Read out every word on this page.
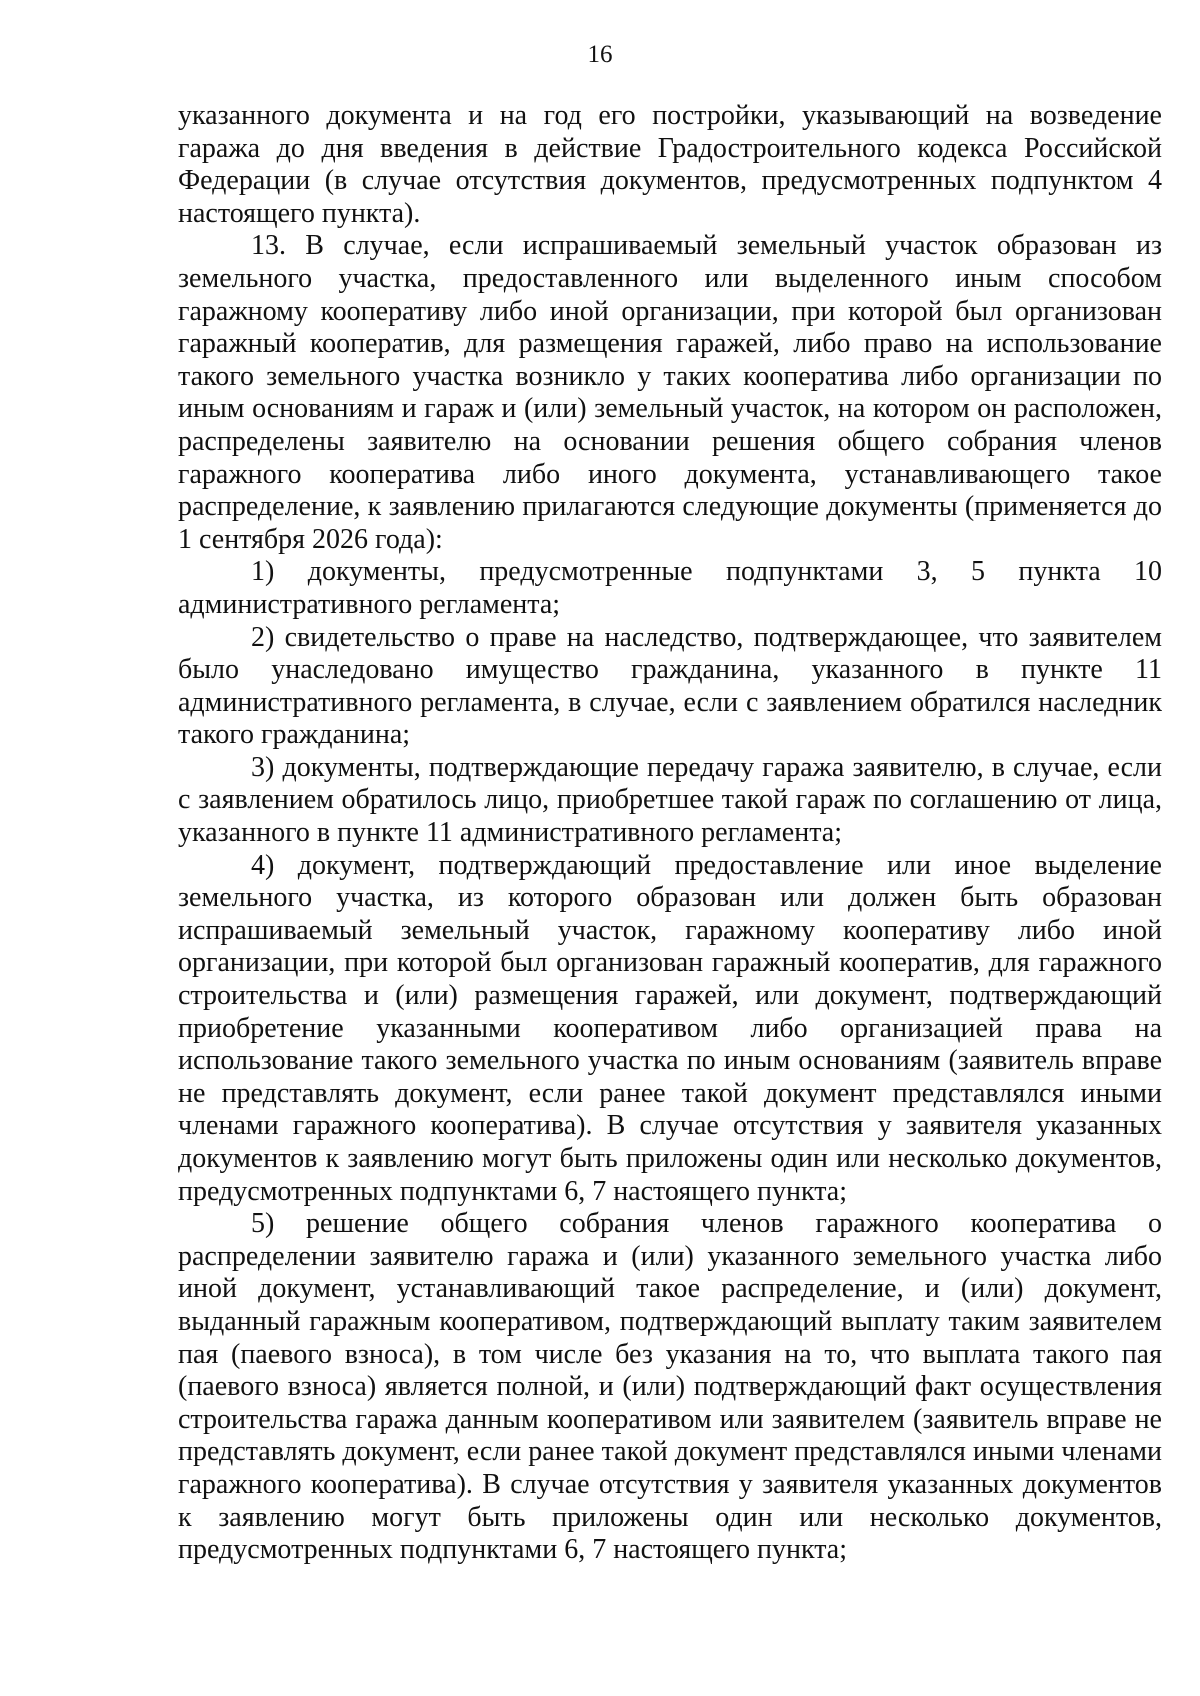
16

указанного документа и на год его постройки, указывающий на возведение гаража до дня введения в действие Градостроительного кодекса Российской Федерации (в случае отсутствия документов, предусмотренных подпунктом 4 настоящего пункта).

13. В случае, если испрашиваемый земельный участок образован из земельного участка, предоставленного или выделенного иным способом гаражному кооперативу либо иной организации, при которой был организован гаражный кооператив, для размещения гаражей, либо право на использование такого земельного участка возникло у таких кооператива либо организации по иным основаниям и гараж и (или) земельный участок, на котором он расположен, распределены заявителю на основании решения общего собрания членов гаражного кооператива либо иного документа, устанавливающего такое распределение, к заявлению прилагаются следующие документы (применяется до 1 сентября 2026 года):

1) документы, предусмотренные подпунктами 3, 5 пункта 10 административного регламента;

2) свидетельство о праве на наследство, подтверждающее, что заявителем было унаследовано имущество гражданина, указанного в пункте 11 административного регламента, в случае, если с заявлением обратился наследник такого гражданина;

3) документы, подтверждающие передачу гаража заявителю, в случае, если с заявлением обратилось лицо, приобретшее такой гараж по соглашению от лица, указанного в пункте 11 административного регламента;

4) документ, подтверждающий предоставление или иное выделение земельного участка, из которого образован или должен быть образован испрашиваемый земельный участок, гаражному кооперативу либо иной организации, при которой был организован гаражный кооператив, для гаражного строительства и (или) размещения гаражей, или документ, подтверждающий приобретение указанными кооперативом либо организацией права на использование такого земельного участка по иным основаниям (заявитель вправе не представлять документ, если ранее такой документ представлялся иными членами гаражного кооператива). В случае отсутствия у заявителя указанных документов к заявлению могут быть приложены один или несколько документов, предусмотренных подпунктами 6, 7 настоящего пункта;

5) решение общего собрания членов гаражного кооператива о распределении заявителю гаража и (или) указанного земельного участка либо иной документ, устанавливающий такое распределение, и (или) документ, выданный гаражным кооперативом, подтверждающий выплату таким заявителем пая (паевого взноса), в том числе без указания на то, что выплата такого пая (паевого взноса) является полной, и (или) подтверждающий факт осуществления строительства гаража данным кооперативом или заявителем (заявитель вправе не представлять документ, если ранее такой документ представлялся иными членами гаражного кооператива). В случае отсутствия у заявителя указанных документов к заявлению могут быть приложены один или несколько документов, предусмотренных подпунктами 6, 7 настоящего пункта;
